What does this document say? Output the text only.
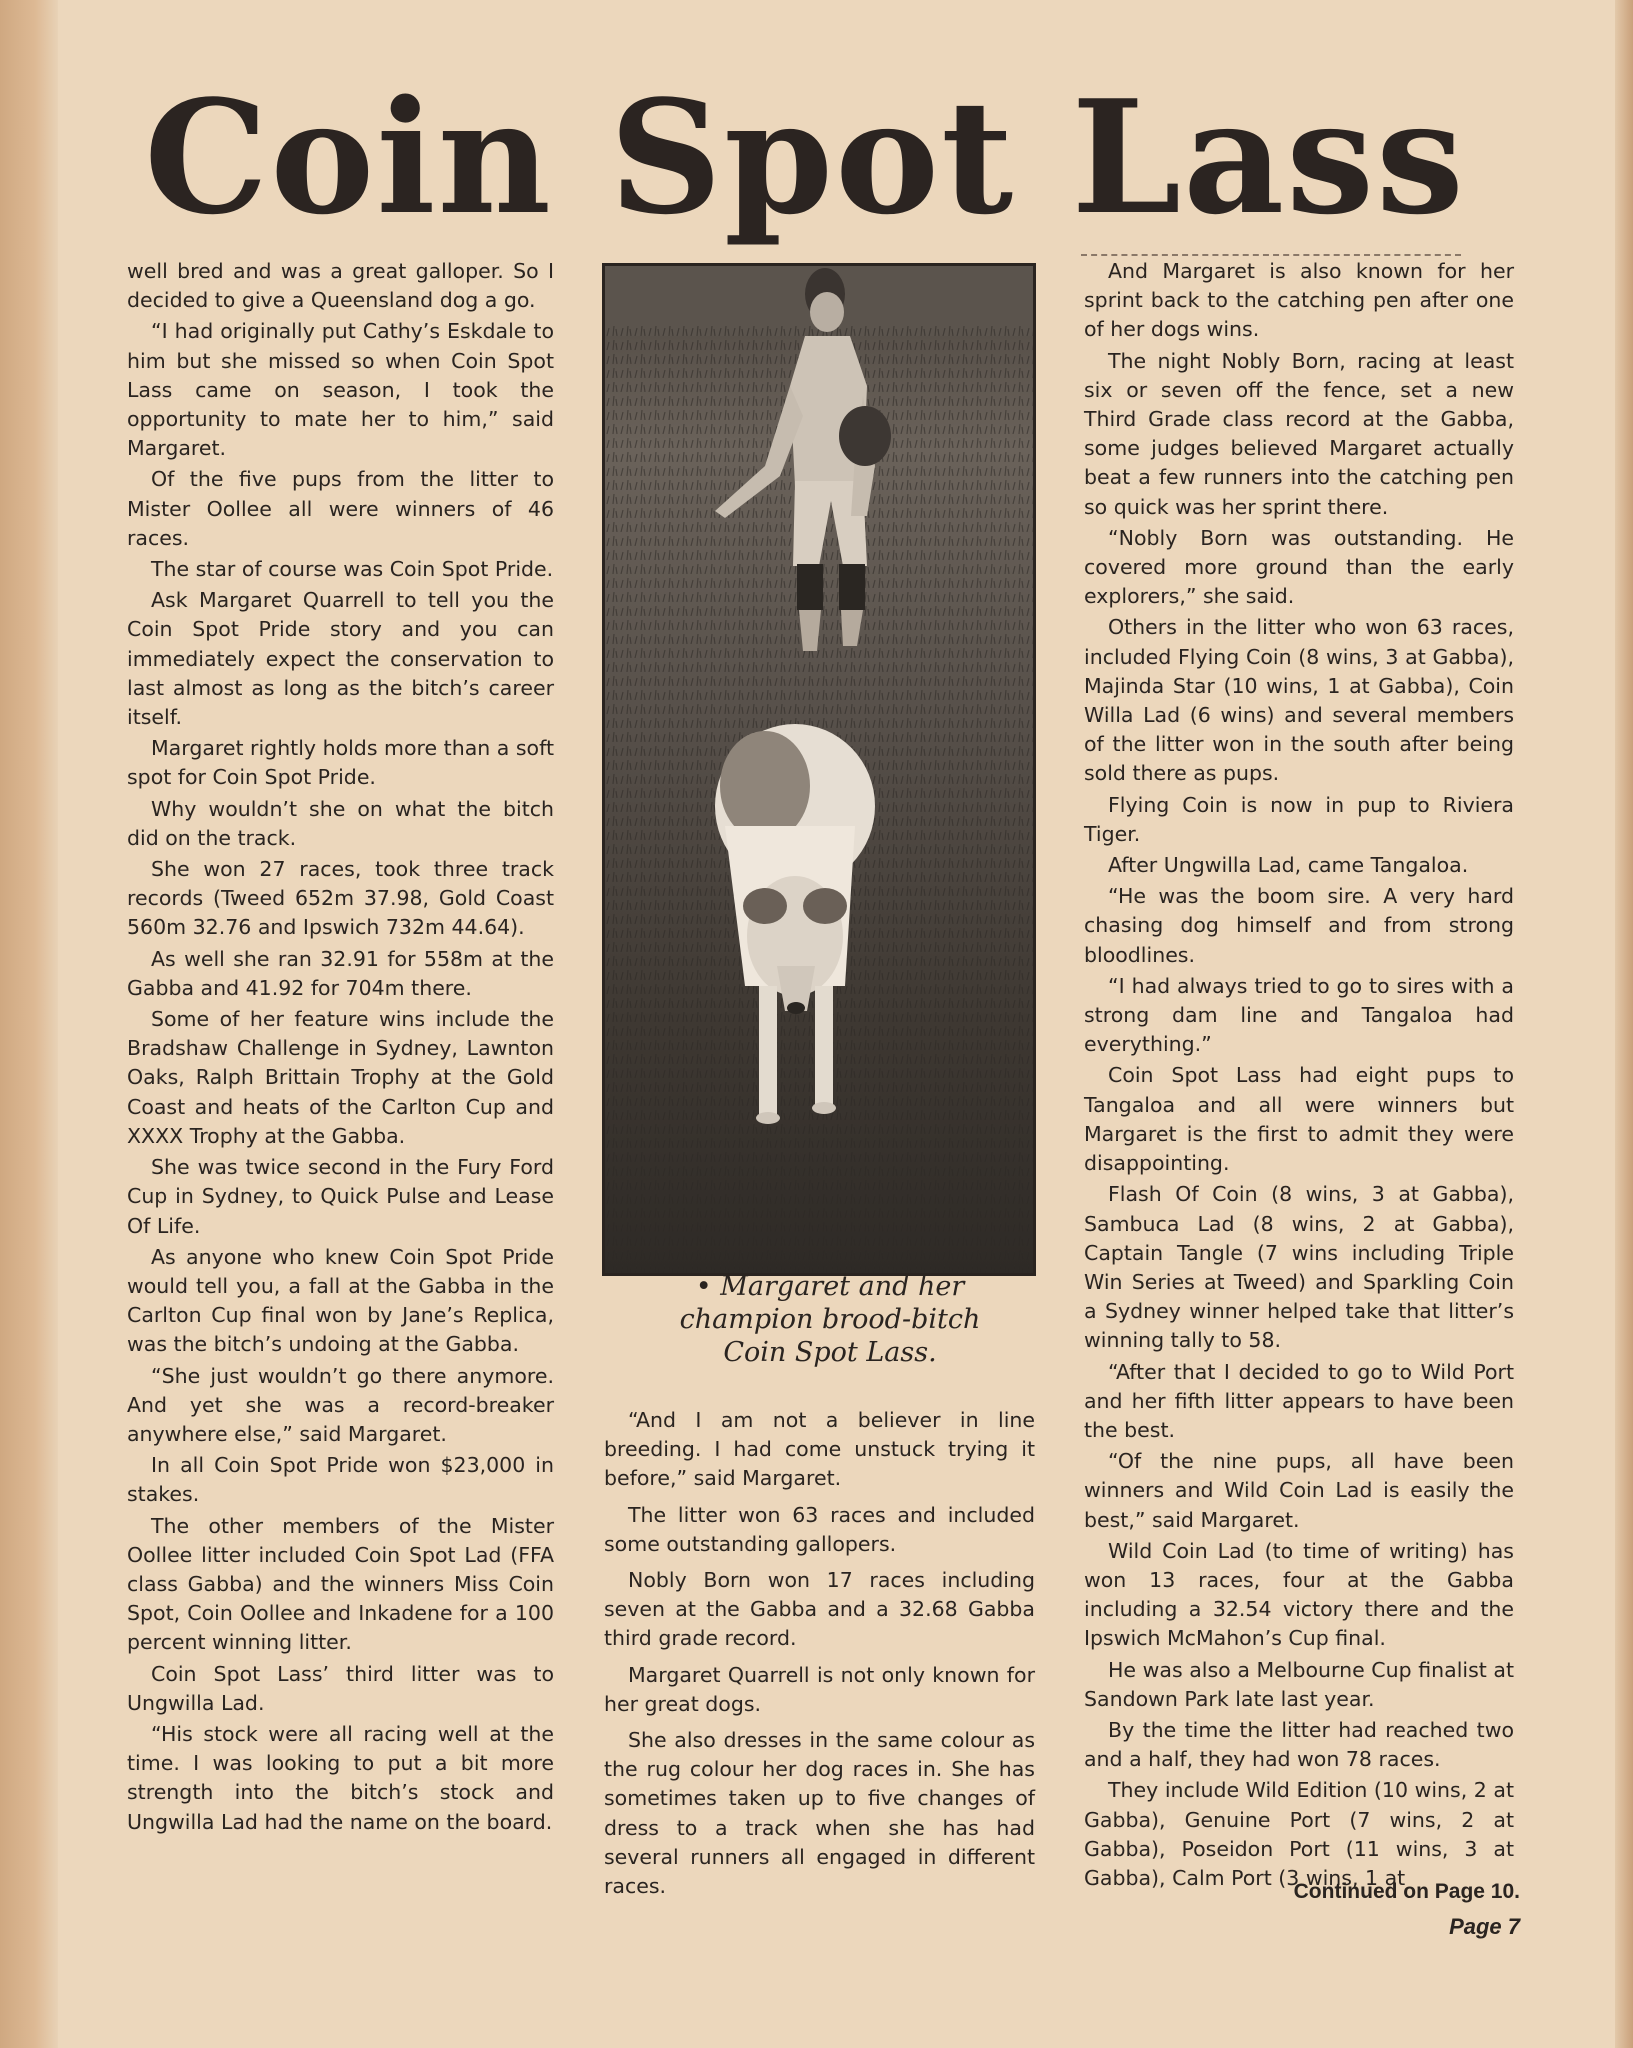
Coin Spot Lass

well bred and was a great galloper. So I decided to give a Queensland dog a go.

“I had originally put Cathy’s Eskdale to him but she missed so when Coin Spot Lass came on season, I took the opportunity to mate her to him,” said Margaret.

Of the five pups from the litter to Mister Oollee all were winners of 46 races.

The star of course was Coin Spot Pride.

Ask Margaret Quarrell to tell you the Coin Spot Pride story and you can immediately expect the conservation to last almost as long as the bitch’s career itself.

Margaret rightly holds more than a soft spot for Coin Spot Pride.

Why wouldn’t she on what the bitch did on the track.

She won 27 races, took three track records (Tweed 652m 37.98, Gold Coast 560m 32.76 and Ipswich 732m 44.64).

As well she ran 32.91 for 558m at the Gabba and 41.92 for 704m there.

Some of her feature wins include the Bradshaw Challenge in Sydney, Lawnton Oaks, Ralph Brittain Trophy at the Gold Coast and heats of the Carlton Cup and XXXX Trophy at the Gabba.

She was twice second in the Fury Ford Cup in Sydney, to Quick Pulse and Lease Of Life.

As anyone who knew Coin Spot Pride would tell you, a fall at the Gabba in the Carlton Cup final won by Jane’s Replica, was the bitch’s undoing at the Gabba.

“She just wouldn’t go there anymore. And yet she was a record-breaker anywhere else,” said Margaret.

In all Coin Spot Pride won $23,000 in stakes.

The other members of the Mister Oollee litter included Coin Spot Lad (FFA class Gabba) and the winners Miss Coin Spot, Coin Oollee and Inkadene for a 100 percent winning litter.

Coin Spot Lass’ third litter was to Ungwilla Lad.

“His stock were all racing well at the time. I was looking to put a bit more strength into the bitch’s stock and Ungwilla Lad had the name on the board.

• Margaret and her champion brood-bitch Coin Spot Lass.

“And I am not a believer in line breeding. I had come unstuck trying it before,” said Margaret.

The litter won 63 races and included some outstanding gallopers.

Nobly Born won 17 races including seven at the Gabba and a 32.68 Gabba third grade record.

Margaret Quarrell is not only known for her great dogs.

She also dresses in the same colour as the rug colour her dog races in. She has sometimes taken up to five changes of dress to a track when she has had several runners all engaged in different races.

And Margaret is also known for her sprint back to the catching pen after one of her dogs wins.

The night Nobly Born, racing at least six or seven off the fence, set a new Third Grade class record at the Gabba, some judges believed Margaret actually beat a few runners into the catching pen so quick was her sprint there.

“Nobly Born was outstanding. He covered more ground than the early explorers,” she said.

Others in the litter who won 63 races, included Flying Coin (8 wins, 3 at Gabba), Majinda Star (10 wins, 1 at Gabba), Coin Willa Lad (6 wins) and several members of the litter won in the south after being sold there as pups.

Flying Coin is now in pup to Riviera Tiger.

After Ungwilla Lad, came Tangaloa.

“He was the boom sire. A very hard chasing dog himself and from strong bloodlines.

“I had always tried to go to sires with a strong dam line and Tangaloa had everything.”

Coin Spot Lass had eight pups to Tangaloa and all were winners but Margaret is the first to admit they were disappointing.

Flash Of Coin (8 wins, 3 at Gabba), Sambuca Lad (8 wins, 2 at Gabba), Captain Tangle (7 wins including Triple Win Series at Tweed) and Sparkling Coin a Sydney winner helped take that litter’s winning tally to 58.

“After that I decided to go to Wild Port and her fifth litter appears to have been the best.

“Of the nine pups, all have been winners and Wild Coin Lad is easily the best,” said Margaret.

Wild Coin Lad (to time of writing) has won 13 races, four at the Gabba including a 32.54 victory there and the Ipswich McMahon’s Cup final.

He was also a Melbourne Cup finalist at Sandown Park late last year.

By the time the litter had reached two and a half, they had won 78 races.

They include Wild Edition (10 wins, 2 at Gabba), Genuine Port (7 wins, 2 at Gabba), Poseidon Port (11 wins, 3 at Gabba), Calm Port (3 wins, 1 at

Continued on Page 10.

Page 7
